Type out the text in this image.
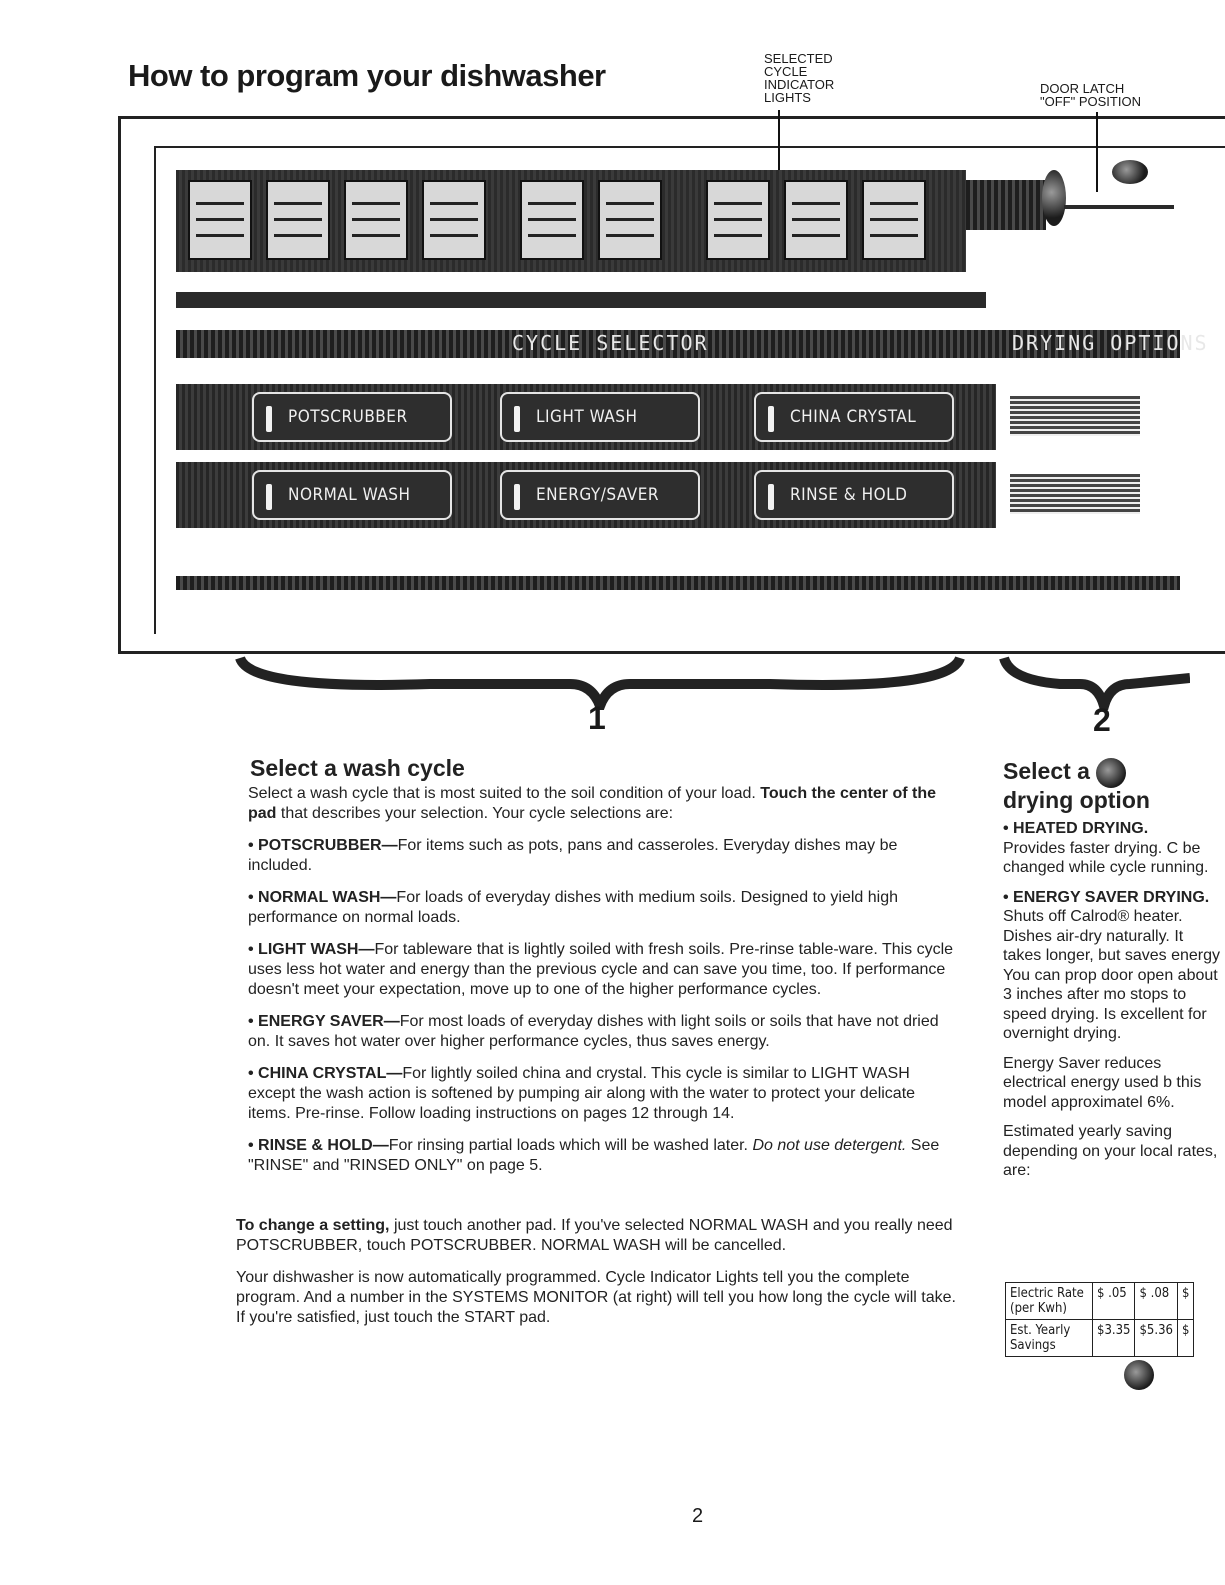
How to program your dishwasher	SELECTED
CYCLE
INDICATOR
LIGHTS
DOOR LATCH
"OFF" POSITION
CYCLE SELECTOR	DRYING OPTIONS
POTSCRUBBER	LIGHT WASH	CHINA CRYSTAL
NORMAL WASH	ENERGY/SAVER	RINSE & HOLD
1	2
Select a wash cycle

Select a wash cycle that is most suited to the soil condition of your load. Touch the center of the pad that describes your selection. Your cycle selections are:

• POTSCRUBBER—For items such as pots, pans and casseroles. Everyday dishes may be included.

• NORMAL WASH—For loads of everyday dishes with medium soils. Designed to yield high performance on normal loads.

• LIGHT WASH—For tableware that is lightly soiled with fresh soils. Pre-rinse table-ware. This cycle uses less hot water and energy than the previous cycle and can save you time, too. If performance doesn't meet your expectation, move up to one of the higher performance cycles.

• ENERGY SAVER—For most loads of everyday dishes with light soils or soils that have not dried on. It saves hot water over higher performance cycles, thus saves energy.

• CHINA CRYSTAL—For lightly soiled china and crystal. This cycle is similar to LIGHT WASH except the wash action is softened by pumping air along with the water to protect your delicate items. Pre-rinse. Follow loading instructions on pages 12 through 14.

• RINSE & HOLD—For rinsing partial loads which will be washed later. Do not use detergent. See "RINSE" and "RINSED ONLY" on page 5.

To change a setting, just touch another pad. If you've selected NORMAL WASH and you really need POTSCRUBBER, touch POTSCRUBBER. NORMAL WASH will be cancelled.

Your dishwasher is now automatically programmed. Cycle Indicator Lights tell you the complete program. And a number in the SYSTEMS MONITOR (at right) will tell you how long the cycle will take. If you're satisfied, just touch the START pad.

Select a
drying option

• HEATED DRYING.
Provides faster drying. C be changed while cycle running.

• ENERGY SAVER DRYING. Shuts off Calrod® heater. Dishes air-dry naturally. It takes longer, but saves energy You can prop door open about 3 inches after mo stops to speed drying. Is excellent for overnight drying.

Energy Saver reduces electrical energy used b this model approximatel 6%.

Estimated yearly saving depending on your local rates, are:

Electric Rate (per Kwh)	$ .05	$ .08	$
Est. Yearly Savings	$3.35	$5.36	$
2
